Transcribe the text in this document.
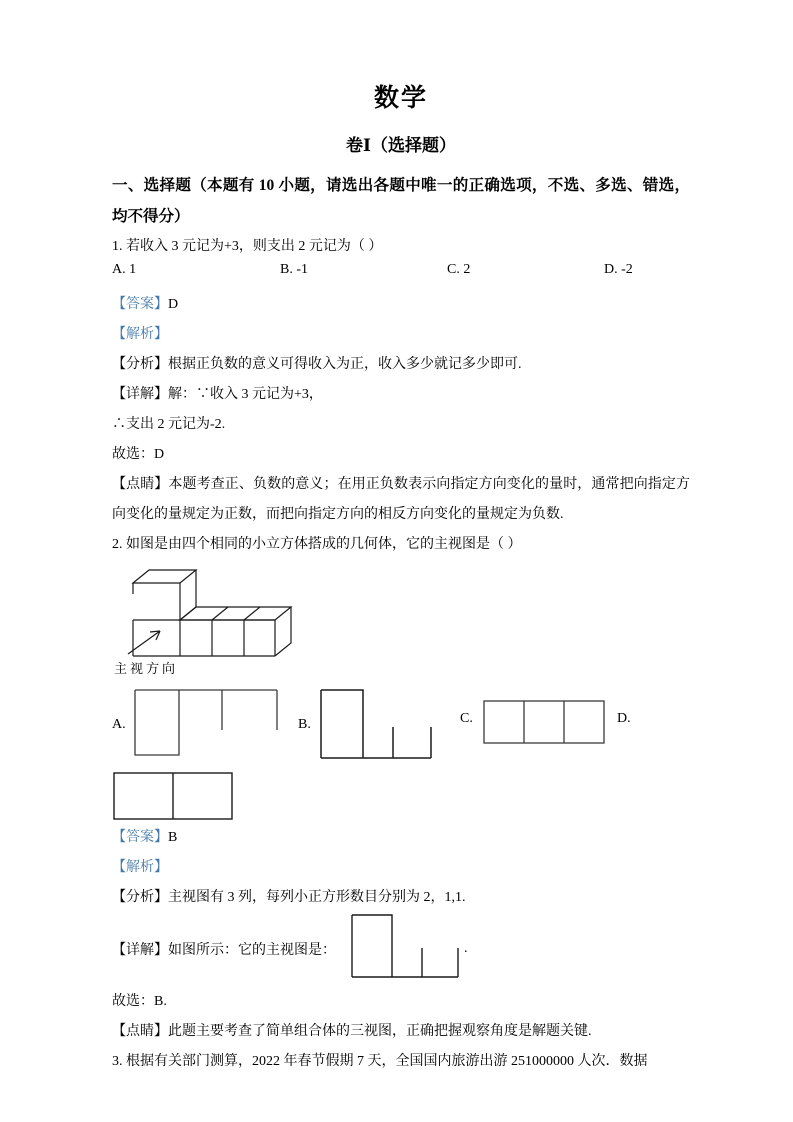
数学
卷Ⅰ（选择题）
一、选择题（本题有 10 小题，请选出各题中唯一的正确选项，不选、多选、错选，均不得分）
1. 若收入 3 元记为+3，则支出 2 元记为（ ）
A. 1	B. -1	C. 2	D. -2
【答案】D
【解析】
【分析】根据正负数的意义可得收入为正，收入多少就记多少即可.
【详解】解：∵收入 3 元记为+3，
∴支出 2 元记为-2.
故选：D
【点睛】本题考查正、负数的意义；在用正负数表示向指定方向变化的量时，通常把向指定方向变化的量规定为正数，而把向指定方向的相反方向变化的量规定为负数.
2. 如图是由四个相同的小立方体搭成的几何体，它的主视图是（ ）
主视方向
A.	B.	C.	D.
【答案】B
【解析】
【分析】主视图有 3 列，每列小正方形数目分别为 2，1,1.
【详解】如图所示：它的主视图是：	.
故选：B.
【点睛】此题主要考查了简单组合体的三视图，正确把握观察角度是解题关键.
3. 根据有关部门测算，2022 年春节假期 7 天，全国国内旅游出游 251000000 人次．数据
